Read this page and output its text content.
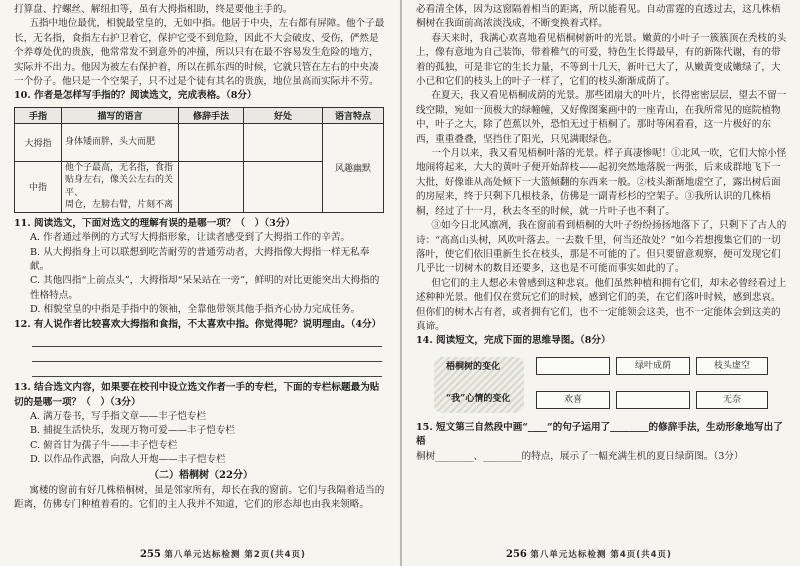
打算盘、拧螺丝、解纽扣等，虽有大拇指相助，终是要他主手的。

五指中地位最优，相貌最堂皇的，无如中指。他居于中央，左右都有屏障。他个子最长，无名指，食指左右护卫着它，保护它受不到危险，因此不大会破皮、受伤，俨然是个养尊处优的贵族，他常常发不到意外的冲撞，所以只有在最不容易发生危险的地方，实际并不出力。他因为被左右保护着，所以在抓东西的时候，它就只管在左右的中央凑一个份子。他只是一个空架子，只不过是个徒有其名的贵族，地位虽高而实际并不劳。

10. 作者是怎样写手指的？阅读选文，完成表格。（8分）

手指	描写的语言	修辞手法	好处	语言特点
大拇指	身体矮而胖，头大而肥			风趣幽默
中指	他个子最高，无名指，食指
贴身左右，像关公左右的关平、
周仓，左膀右臂，片刻不离			

11. 阅读选文，下面对选文的理解有误的是哪一项？（　）（3分）

A. 作者通过举例的方式写大拇指形象，让读者感受到了大拇指工作的辛苦。

B. 从大拇指身上可以联想到吃苦耐劳的普通劳动者，大拇指像大拇指一样无私奉献。

C. 其他四指“上前点头”，大拇指却“呆呆站在一旁”，鲜明的对比更能突出大拇指的性格特点。

D. 相貌堂皇的中指是手指中的领袖，全靠他带领其他手指齐心协力完成任务。

12. 有人说作者比较喜欢大拇指和食指，不太喜欢中指。你觉得呢？说明理由。（4分）

13. 结合选文内容，如果要在校刊中设立选文作者一手的专栏，下面的专栏标题最为贴切的是哪一项？（　）（3分）

A. 满万卷书，写手指文章——丰子恺专栏

B. 捕捉生活快乐，发现万物可爱——丰子恺专栏

C. 俯首甘为孺子牛——丰子恺专栏

D. 以作品作武器，向敌人开炮——丰子恺专栏

（二）梧桐树（22分）

寓楼的窗前有好几株梧桐树，虽是邻家所有，却长在我的窗前。它们与我隔着适当的距离，仿佛专门种植着看的。它们的主人我并不知道，它们的形态却也由我来领略。

255 第八单元达标检测 第2页(共4页)

必看清全体，因为这窗隔着相当的距离，所以能看见。自动雷霆的直透过去，这几株梧桐树在我面前高浓淡浅成，不断变换着式样。

春天来时，我满心欢喜地看见梧桐树新叶的光景。嫩黄的小叶子一簇簇顶在秃枝的头上，像有意地为自己装饰，带着稚气的可爱，特色生长得最早，有的新陈代谢，有的带着的孤独，可是非它的生长力量，不等到十几天，新叶已大了，从嫩黄变成嫩绿了，大小已和它们的枝头上的叶子一样了，它们的枝头渐渐成荫了。

在夏天，我又看见梧桐成荫的光景。那些团扇大的叶片，长得密密层层，望去不留一线空隙，宛如一顶极大的绿幢幢，又好像图案画中的一座青山，在我所常见的庭院植物中，叶子之大，除了芭蕉以外，恐怕无过于梧桐了。那时等闲看看，这一片极好的东西，重重叠叠，坚挡住了阳光，只见满眼绿色。

一个月以来，我又看见梧桐叶落的光景。样子真凄惨呢！①北风一吹，它们大惊小怪地闹将起来，大大的黄叶子便开始辞枝——起初突然地落脱一两张，后来成群地飞下一大批，好像谁从高处倾下一大篮倾翻的东西来一般。②枝头渐渐地虚空了，露出树后面的房屋来，终于只剩下几根枝条，仿佛是一副青杉杉的空架子。③我所认识的几株梧桐，经过了十一月，秋去冬至的时候，就一片叶子也不剩了。

③如今日北风凛冽，我在窗前看到梧桐的大叶子纷纷扬扬地落下了，只剩下了古人的诗：“高高山头树，风吹叶落去。一去数千里，何当还故处？”如今若想搜集它们的一切落叶，使它们依旧重新生长在枝头，那是不可能的了。但只要留意观察，便可发现它们几乎比一切树木的数目还要多，这也是不可能而事实如此的了。

但它们的主人想必未曾感到这种悲哀。他们虽然种植和拥有它们，却未必曾经看过上述种种光景。他们仅在赏玩它们的时候，感到它们的美，在它们落叶时候，感到悲哀。但你们的树木占有者，或者拥有它们，也不一定能领会这美，也不一定能体会到这美的真谛。

14. 阅读短文，完成下面的思维导图。（8分）

梧桐树的变化
“我”心情的变化
绿叶成荫	枝头虚空
欢喜	无奈

15. 短文第三自然段中画“____”的句子运用了________的修辞手法，生动形象地写出了梧

桐树________、________的特点，展示了一幅充满生机的夏日绿荫图。（3分）

256 第八单元达标检测 第4页(共4页)
